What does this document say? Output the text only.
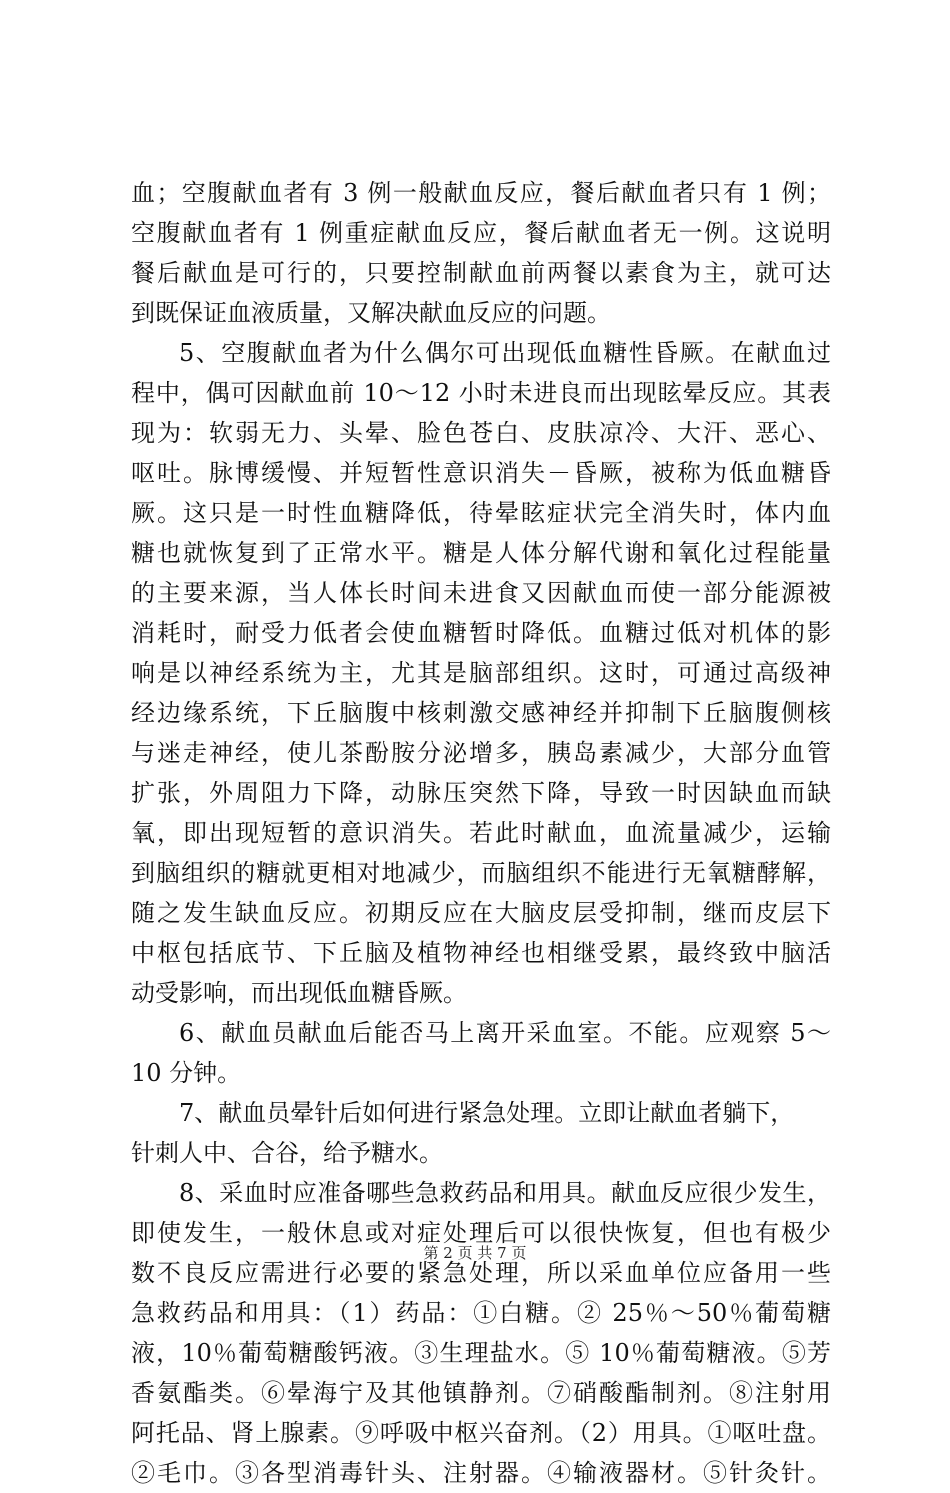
血；空腹献血者有 3 例一般献血反应，餐后献血者只有 1 例；
空腹献血者有 1 例重症献血反应，餐后献血者无一例。这说明
餐后献血是可行的，只要控制献血前两餐以素食为主，就可达
到既保证血液质量，又解决献血反应的问题。
5、空腹献血者为什么偶尔可出现低血糖性昏厥。在献血过
程中，偶可因献血前 10～12 小时未进良而出现眩晕反应。其表
现为：软弱无力、头晕、脸色苍白、皮肤凉冷、大汗、恶心、
呕吐。脉博缓慢、并短暂性意识消失－昏厥，被称为低血糖昏
厥。这只是一时性血糖降低，待晕眩症状完全消失时，体内血
糖也就恢复到了正常水平。糖是人体分解代谢和氧化过程能量
的主要来源，当人体长时间未进食又因献血而使一部分能源被
消耗时，耐受力低者会使血糖暂时降低。血糖过低对机体的影
响是以神经系统为主，尤其是脑部组织。这时，可通过高级神
经边缘系统，下丘脑腹中核刺激交感神经并抑制下丘脑腹侧核
与迷走神经，使儿茶酚胺分泌增多，胰岛素减少，大部分血管
扩张，外周阻力下降，动脉压突然下降，导致一时因缺血而缺
氧，即出现短暂的意识消失。若此时献血，血流量减少，运输
到脑组织的糖就更相对地减少，而脑组织不能进行无氧糖酵解，
随之发生缺血反应。初期反应在大脑皮层受抑制，继而皮层下
中枢包括底节、下丘脑及植物神经也相继受累，最终致中脑活
动受影响，而出现低血糖昏厥。
6、献血员献血后能否马上离开采血室。不能。应观察 5～
10 分钟。
7、献血员晕针后如何进行紧急处理。立即让献血者躺下，
针刺人中、合谷，给予糖水。
8、采血时应准备哪些急救药品和用具。献血反应很少发生，
即使发生，一般休息或对症处理后可以很快恢复，但也有极少
数不良反应需进行必要的紧急处理，所以采血单位应备用一些
急救药品和用具：（1）药品：①白糖。② 25％～50％葡萄糖
液，10％葡萄糖酸钙液。③生理盐水。⑤ 10％葡萄糖液。⑤芳
香氨酯类。⑥晕海宁及其他镇静剂。⑦硝酸酯制剂。⑧注射用
阿托品、肾上腺素。⑨呼吸中枢兴奋剂。（2）用具。①呕吐盘。
②毛巾。③各型消毒针头、注射器。④输液器材。⑤针灸针。
第 2 页 共 7 页
